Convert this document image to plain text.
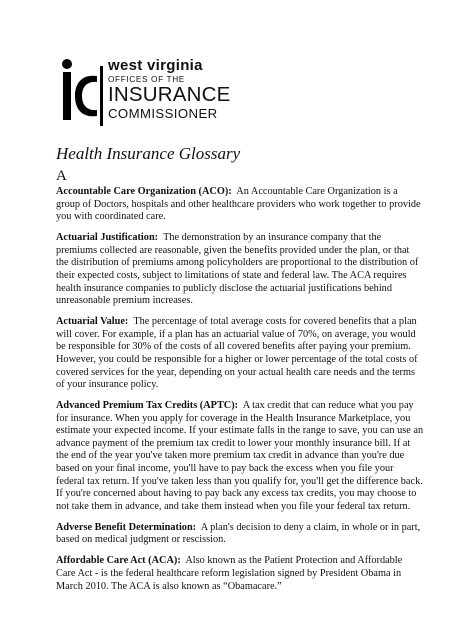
west virginia
OFFICES OF THE
INSURANCE
COMMISSIONER
Health Insurance Glossary
A

Accountable Care Organization (ACO): An Accountable Care Organization is a group of Doctors, hospitals and other healthcare providers who work together to provide you with coordinated care.

Actuarial Justification: The demonstration by an insurance company that the premiums collected are reasonable, given the benefits provided under the plan, or that the distribution of premiums among policyholders are proportional to the distribution of their expected costs, subject to limitations of state and federal law. The ACA requires health insurance companies to publicly disclose the actuarial justifications behind unreasonable premium increases.

Actuarial Value: The percentage of total average costs for covered benefits that a plan will cover. For example, if a plan has an actuarial value of 70%, on average, you would be responsible for 30% of the costs of all covered benefits after paying your premium. However, you could be responsible for a higher or lower percentage of the total costs of covered services for the year, depending on your actual health care needs and the terms of your insurance policy.

Advanced Premium Tax Credits (APTC): A tax credit that can reduce what you pay for insurance. When you apply for coverage in the Health Insurance Marketplace, you estimate your expected income. If your estimate falls in the range to save, you can use an advance payment of the premium tax credit to lower your monthly insurance bill. If at the end of the year you've taken more premium tax credit in advance than you're due based on your final income, you'll have to pay back the excess when you file your federal tax return. If you've taken less than you qualify for, you'll get the difference back. If you're concerned about having to pay back any excess tax credits, you may choose to not take them in advance, and take them instead when you file your federal tax return.

Adverse Benefit Determination: A plan's decision to deny a claim, in whole or in part, based on medical judgment or rescission.

Affordable Care Act (ACA): Also known as the Patient Protection and Affordable Care Act - is the federal healthcare reform legislation signed by President Obama in March 2010. The ACA is also known as “Obamacare.”
